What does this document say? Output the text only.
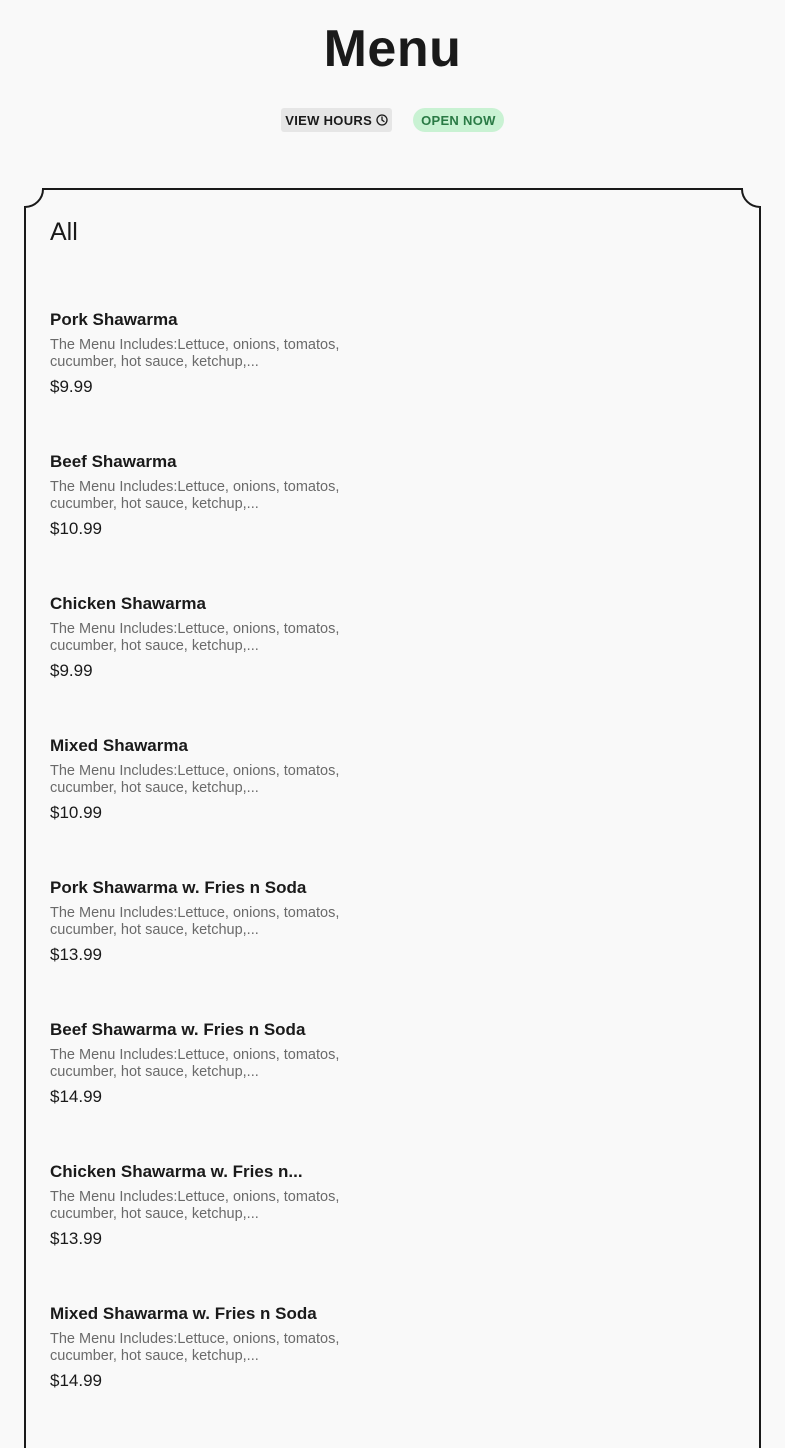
Menu
VIEW HOURS	OPEN NOW
All
Pork Shawarma
The Menu Includes:Lettuce, onions, tomatos, cucumber, hot sauce, ketchup,...
$9.99
Beef Shawarma
The Menu Includes:Lettuce, onions, tomatos, cucumber, hot sauce, ketchup,...
$10.99
Chicken Shawarma
The Menu Includes:Lettuce, onions, tomatos, cucumber, hot sauce, ketchup,...
$9.99
Mixed Shawarma
The Menu Includes:Lettuce, onions, tomatos, cucumber, hot sauce, ketchup,...
$10.99
Pork Shawarma w. Fries n Soda
The Menu Includes:Lettuce, onions, tomatos, cucumber, hot sauce, ketchup,...
$13.99
Beef Shawarma w. Fries n Soda
The Menu Includes:Lettuce, onions, tomatos, cucumber, hot sauce, ketchup,...
$14.99
Chicken Shawarma w. Fries n...
The Menu Includes:Lettuce, onions, tomatos, cucumber, hot sauce, ketchup,...
$13.99
Mixed Shawarma w. Fries n Soda
The Menu Includes:Lettuce, onions, tomatos, cucumber, hot sauce, ketchup,...
$14.99
